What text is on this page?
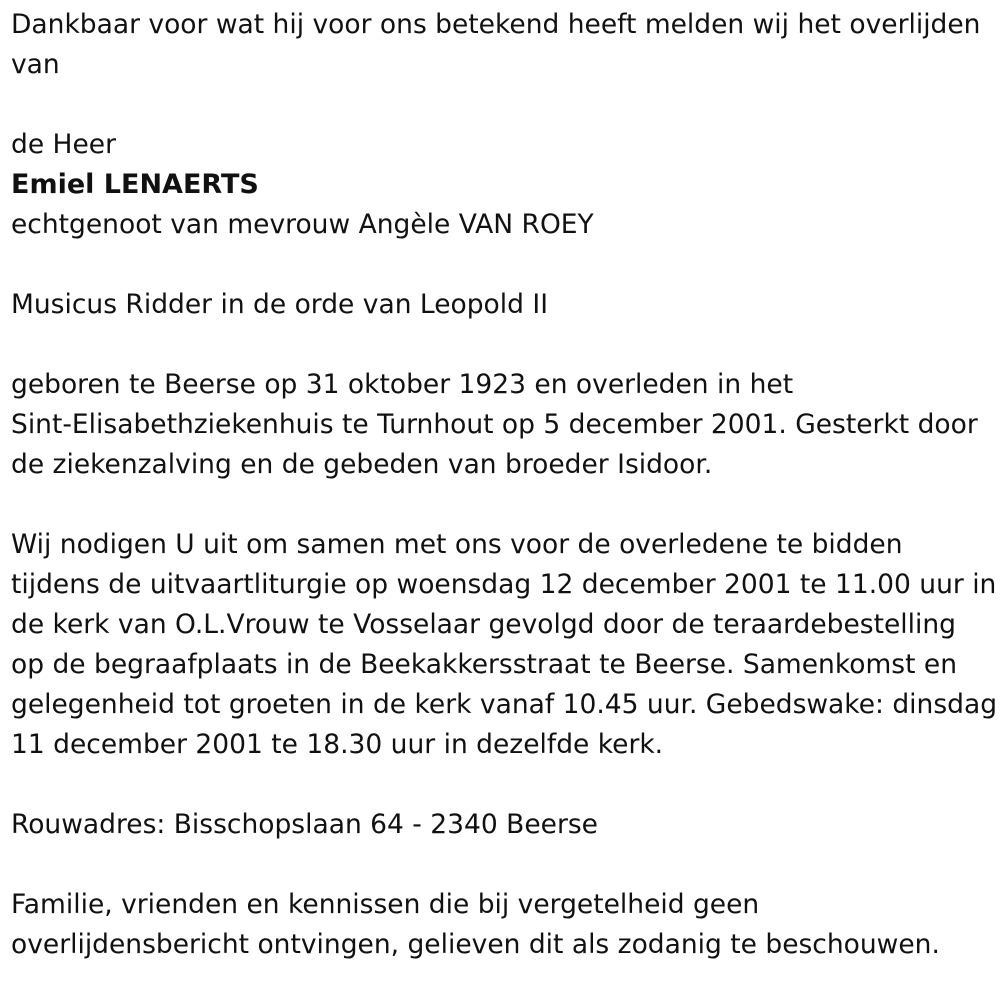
Dankbaar voor wat hij voor ons betekend heeft melden wij het overlijden
van
de Heer
Emiel LENAERTS
echtgenoot van mevrouw Angèle VAN ROEY
Musicus Ridder in de orde van Leopold II
geboren te Beerse op 31 oktober 1923 en overleden in het
Sint-Elisabethziekenhuis te Turnhout op 5 december 2001. Gesterkt door
de ziekenzalving en de gebeden van broeder Isidoor.
Wij nodigen U uit om samen met ons voor de overledene te bidden
tijdens de uitvaartliturgie op woensdag 12 december 2001 te 11.00 uur in
de kerk van O.L.Vrouw te Vosselaar gevolgd door de teraardebestelling
op de begraafplaats in de Beekakkersstraat te Beerse. Samenkomst en
gelegenheid tot groeten in de kerk vanaf 10.45 uur. Gebedswake: dinsdag
11 december 2001 te 18.30 uur in dezelfde kerk.
Rouwadres: Bisschopslaan 64 - 2340 Beerse
Familie, vrienden en kennissen die bij vergetelheid geen
overlijdensbericht ontvingen, gelieven dit als zodanig te beschouwen.
